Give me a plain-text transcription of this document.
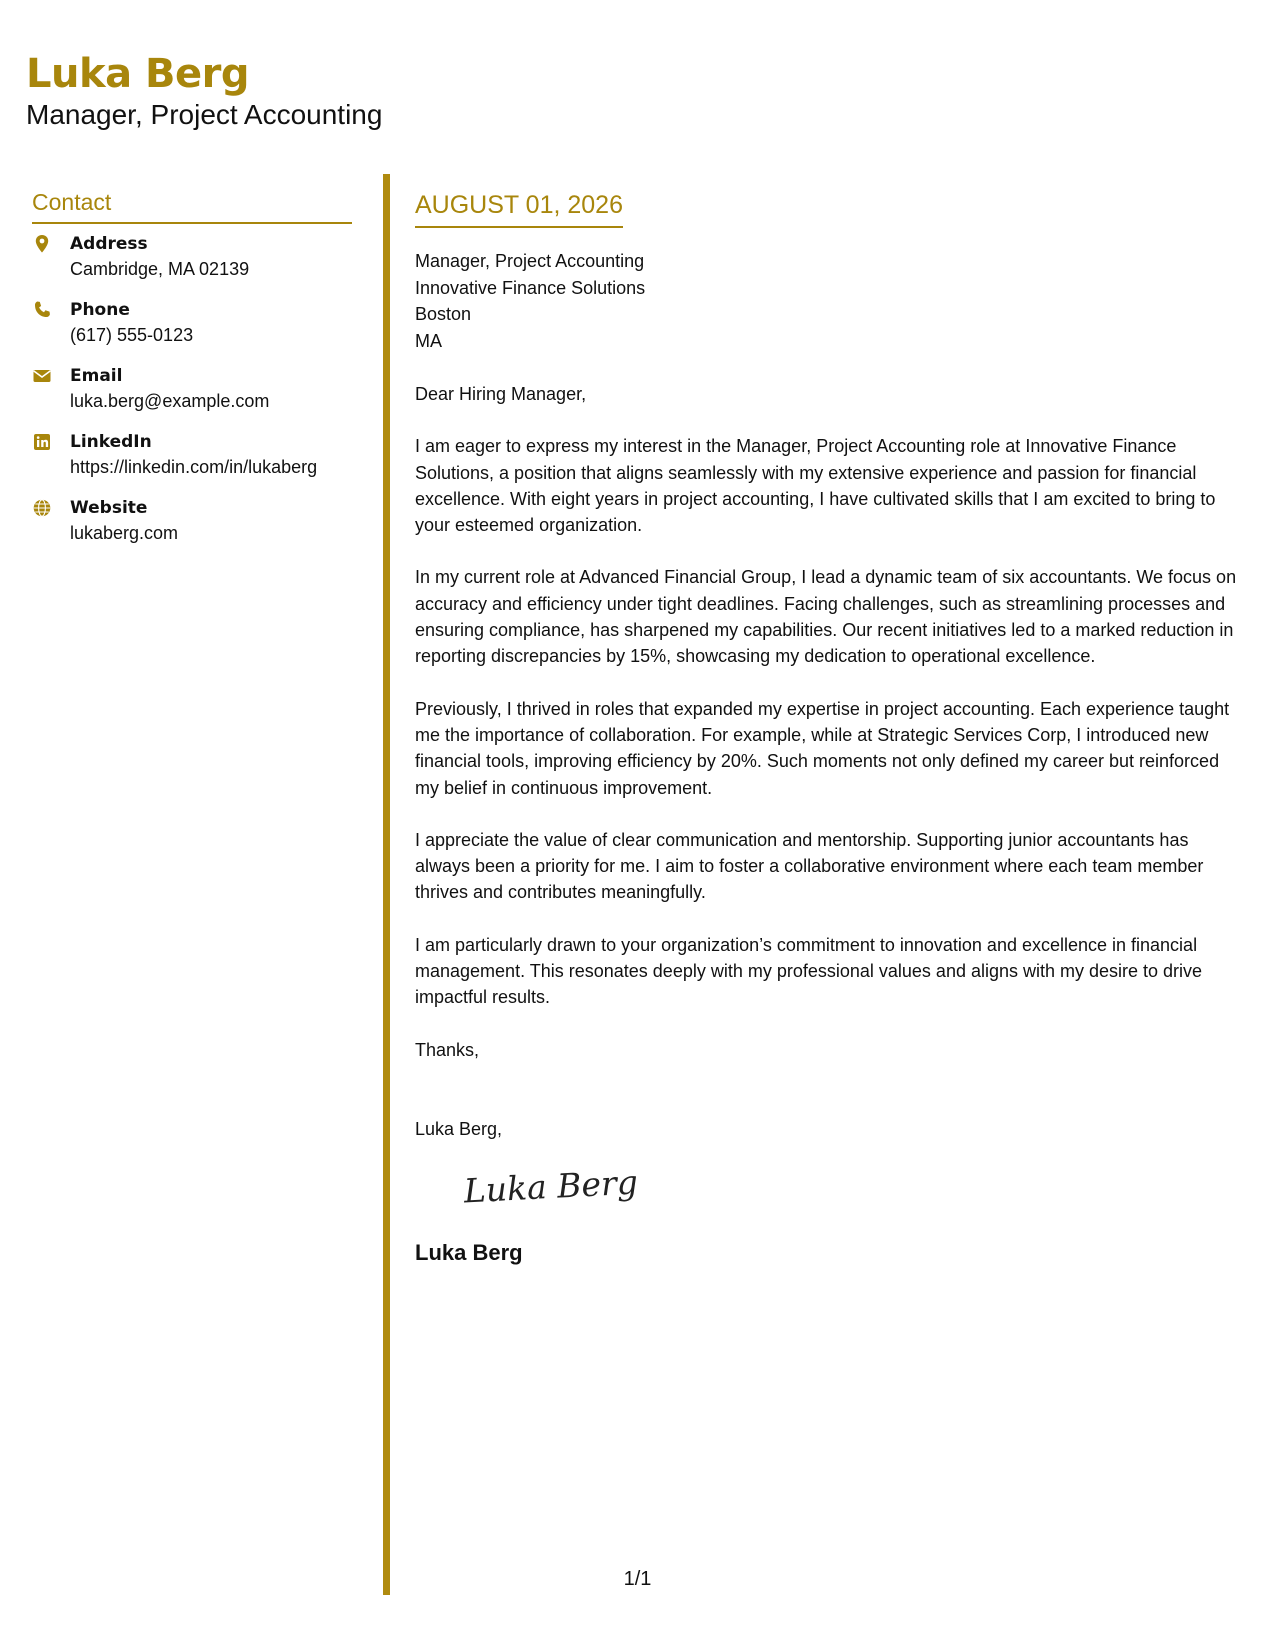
Luka Berg
Manager, Project Accounting
Contact
Address
Cambridge, MA 02139
Phone
(617) 555-0123
Email
luka.berg@example.com
LinkedIn
https://linkedin.com/in/lukaberg
Website
lukaberg.com
AUGUST 01, 2026
Manager, Project Accounting
Innovative Finance Solutions
Boston
MA

Dear Hiring Manager,

I am eager to express my interest in the Manager, Project Accounting role at Innovative Finance Solutions, a position that aligns seamlessly with my extensive experience and passion for financial excellence. With eight years in project accounting, I have cultivated skills that I am excited to bring to your esteemed organization.

In my current role at Advanced Financial Group, I lead a dynamic team of six accountants. We focus on accuracy and efficiency under tight deadlines. Facing challenges, such as streamlining processes and ensuring compliance, has sharpened my capabilities. Our recent initiatives led to a marked reduction in reporting discrepancies by 15%, showcasing my dedication to operational excellence.

Previously, I thrived in roles that expanded my expertise in project accounting. Each experience taught me the importance of collaboration. For example, while at Strategic Services Corp, I introduced new financial tools, improving efficiency by 20%. Such moments not only defined my career but reinforced my belief in continuous improvement.

I appreciate the value of clear communication and mentorship. Supporting junior accountants has always been a priority for me. I aim to foster a collaborative environment where each team member thrives and contributes meaningfully.

I am particularly drawn to your organization’s commitment to innovation and excellence in financial management. This resonates deeply with my professional values and aligns with my desire to drive impactful results.

Thanks,

Luka Berg,

Luka Berg
Luka Berg
1/1
